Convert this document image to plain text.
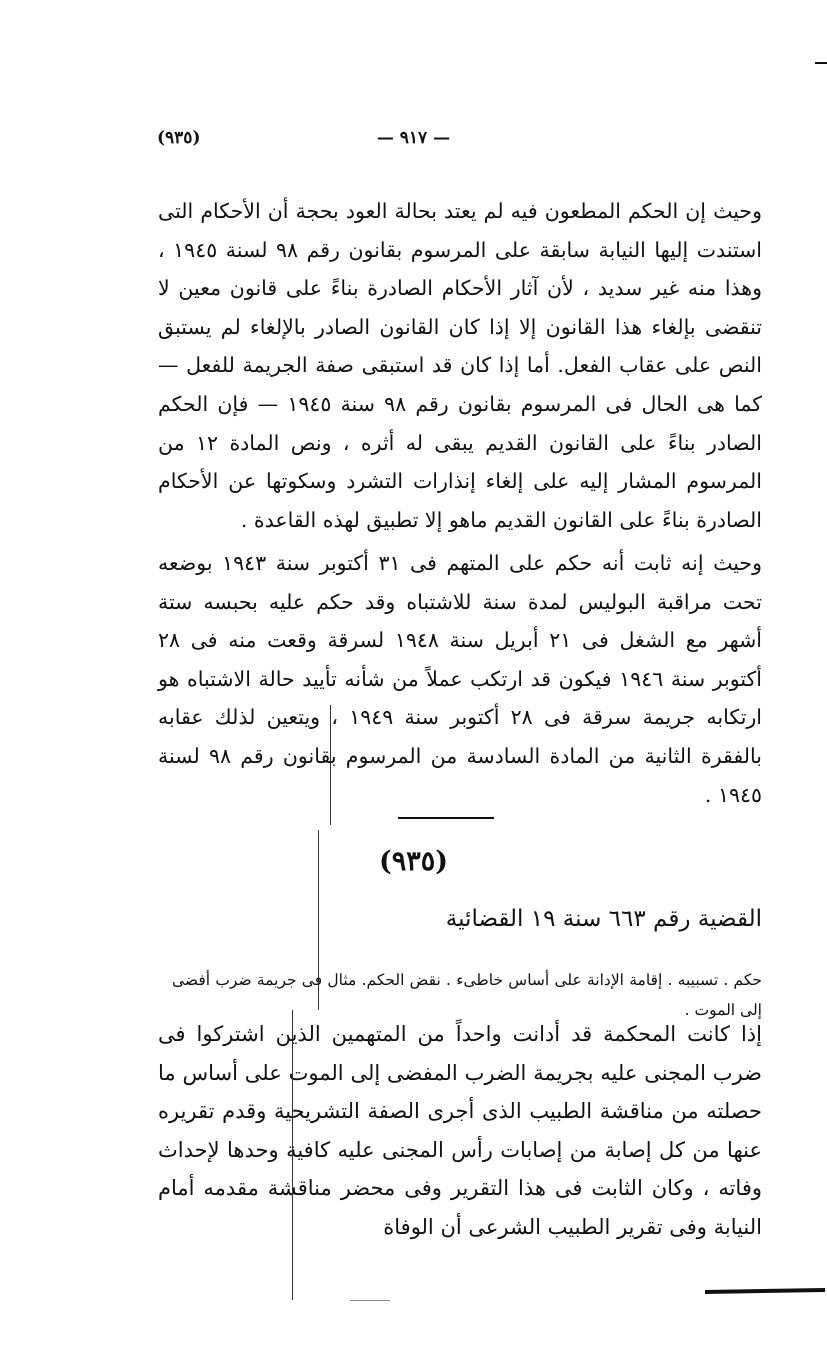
(٩٣٥)	— ٩١٧ —
وحيث إن الحكم المطعون فيه لم يعتد بحالة العود بحجة أن الأحكام التى استندت إليها النيابة سابقة على المرسوم بقانون رقم ٩٨ لسنة ١٩٤٥ ، وهذا منه غير سديد ، لأن آثار الأحكام الصادرة بناءً على قانون معين لا تنقضى بإلغاء هذا القانون إلا إذا كان القانون الصادر بالإلغاء لم يستبق النص على عقاب الفعل. أما إذا كان قد استبقى صفة الجريمة للفعل — كما هى الحال فى المرسوم بقانون رقم ٩٨ سنة ١٩٤٥ — فإن الحكم الصادر بناءً على القانون القديم يبقى له أثره ، ونص المادة ١٢ من المرسوم المشار إليه على إلغاء إنذارات التشرد وسكوتها عن الأحكام الصادرة بناءً على القانون القديم ماهو إلا تطبيق لهذه القاعدة .
وحيث إنه ثابت أنه حكم على المتهم فى ٣١ أكتوبر سنة ١٩٤٣ بوضعه تحت مراقبة البوليس لمدة سنة للاشتباه وقد حكم عليه بحبسه ستة أشهر مع الشغل فى ٢١ أبريل سنة ١٩٤٨ لسرقة وقعت منه فى ٢٨ أكتوبر سنة ١٩٤٦ فيكون قد ارتكب عملاً من شأنه تأييد حالة الاشتباه هو ارتكابه جريمة سرقة فى ٢٨ أكتوبر سنة ١٩٤٩ ، ويتعين لذلك عقابه بالفقرة الثانية من المادة السادسة من المرسوم بقانون رقم ٩٨ لسنة ١٩٤٥ .
(٩٣٥)
القضية رقم ٦٦٣ سنة ١٩ القضائية
حكم . تسبيبه . إقامة الإدانة على أساس خاطىء . نقض الحكم. مثال فى جريمة ضرب أفضى إلى الموت .
إذا كانت المحكمة قد أدانت واحداً من المتهمين الذين اشتركوا فى ضرب المجنى عليه بجريمة الضرب المفضى إلى الموت على أساس ما حصلته من مناقشة الطبيب الذى أجرى الصفة التشريحية وقدم تقريره عنها من كل إصابة من إصابات رأس المجنى عليه كافية وحدها لإحداث وفاته ، وكان الثابت فى هذا التقرير وفى محضر مناقشة مقدمه أمام النيابة وفى تقرير الطبيب الشرعى أن الوفاة
